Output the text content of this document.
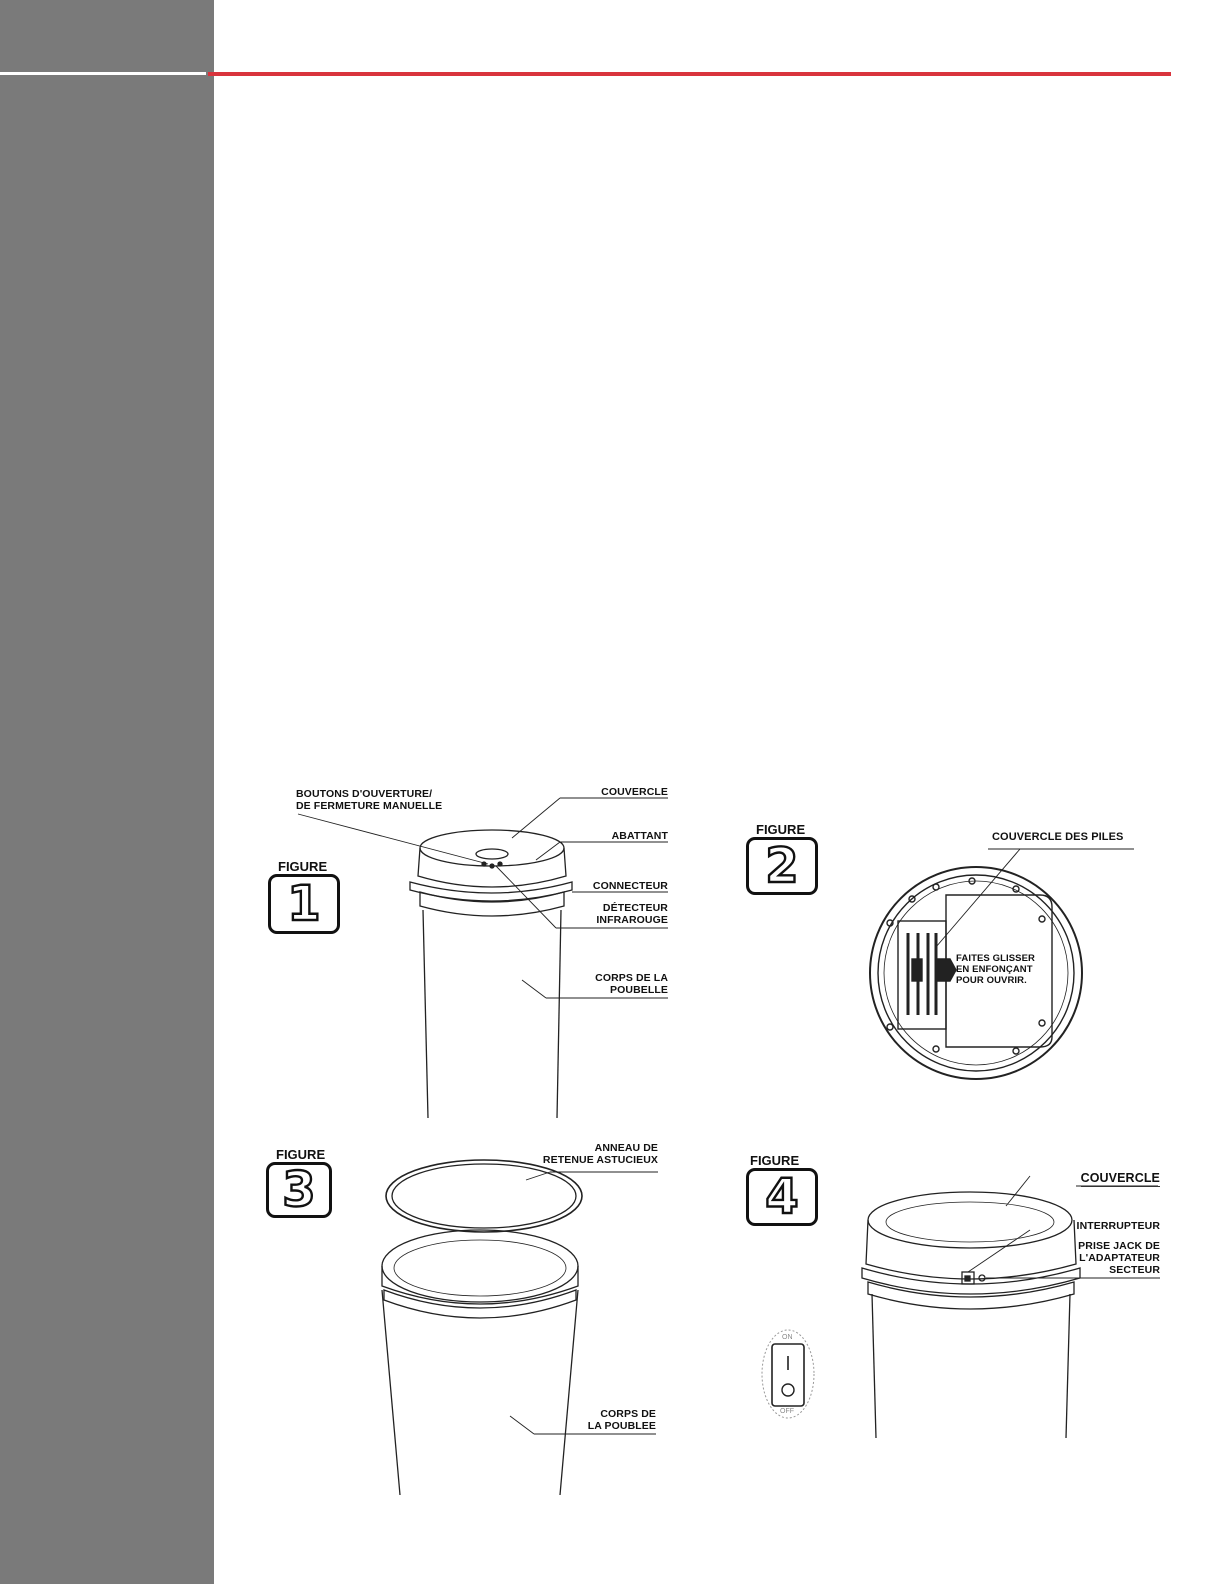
FIGURE
1
BOUTONS D'OUVERTURE/
DE FERMETURE MANUELLE
COUVERCLE
ABATTANT
CONNECTEUR
DÉTECTEUR
INFRAROUGE
CORPS DE LA
POUBELLE
FIGURE
2
COUVERCLE DES PILES
FAITES GLISSER
EN ENFONÇANT
POUR OUVRIR.
FIGURE
3
ANNEAU DE
RETENUE ASTUCIEUX
CORPS DE
LA POUBLEE
FIGURE
4	COUVERCLE
INTERRUPTEUR
PRISE JACK DE
L'ADAPTATEUR
SECTEUR
ON
OFF
